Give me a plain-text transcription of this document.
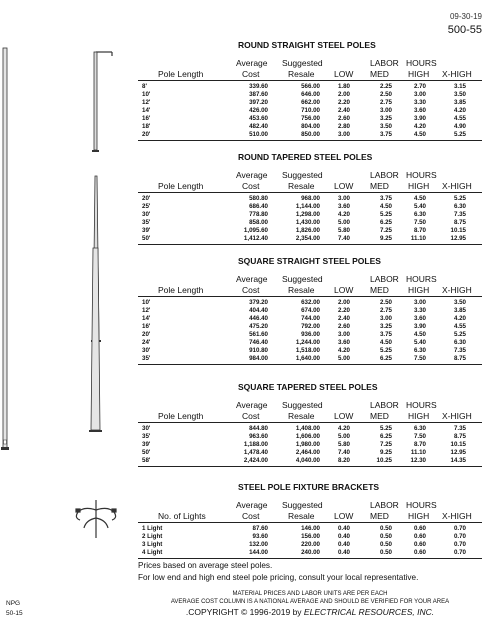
09-30-19
500-55
ROUND STRAIGHT STEEL POLES
Average Suggested	LABOR HOURS
Pole Length	Cost	Resale LOW MED HIGH X-HIGH
8'	339.60	566.00	1.80	2.25	2.70	3.15
10'	387.60	646.00	2.00	2.50	3.00	3.50
12'	397.20	662.00	2.20	2.75	3.30	3.85
14'	426.00	710.00	2.40	3.00	3.60	4.20
16'	453.60	756.00	2.60	3.25	3.90	4.55
18'	482.40	804.00	2.80	3.50	4.20	4.90
20'	510.00	850.00	3.00	3.75	4.50	5.25
ROUND TAPERED STEEL POLES
Average Suggested	LABOR HOURS
Pole Length	Cost	Resale LOW MED HIGH X-HIGH
20'	580.80	968.00	3.00	3.75	4.50	5.25
25'	686.40	1,144.00	3.60	4.50	5.40	6.30
30'	778.80	1,298.00	4.20	5.25	6.30	7.35
35'	858.00	1,430.00	5.00	6.25	7.50	8.75
39'	1,095.60	1,826.00	5.80	7.25	8.70	10.15
50'	1,412.40	2,354.00	7.40	9.25	11.10	12.95
SQUARE STRAIGHT STEEL POLES
Average Suggested	LABOR HOURS
Pole Length	Cost	Resale LOW MED HIGH X-HIGH
10'	379.20	632.00	2.00	2.50	3.00	3.50
12'	404.40	674.00	2.20	2.75	3.30	3.85
14'	446.40	744.00	2.40	3.00	3.60	4.20
16'	475.20	792.00	2.60	3.25	3.90	4.55
20'	561.60	936.00	3.00	3.75	4.50	5.25
24'	746.40	1,244.00	3.60	4.50	5.40	6.30
30'	910.80	1,518.00	4.20	5.25	6.30	7.35
35'	984.00	1,640.00	5.00	6.25	7.50	8.75
SQUARE TAPERED STEEL POLES
Average Suggested	LABOR HOURS
Pole Length	Cost	Resale LOW MED HIGH X-HIGH
30'	844.80	1,408.00	4.20	5.25	6.30	7.35
35'	963.60	1,606.00	5.00	6.25	7.50	8.75
39'	1,188.00	1,980.00	5.80	7.25	8.70	10.15
50'	1,478.40	2,464.00	7.40	9.25	11.10	12.95
58'	2,424.00	4,040.00	8.20	10.25	12.30	14.35
STEEL POLE FIXTURE BRACKETS
Average Suggested	LABOR HOURS
No. of Lights	Cost	Resale LOW MED HIGH X-HIGH
1 Light	87.60	146.00	0.40	0.50	0.60	0.70
2 Light	93.60	156.00	0.40	0.50	0.60	0.70
3 Light	132.00	220.00	0.40	0.50	0.60	0.70
4 Light	144.00	240.00	0.40	0.50	0.60	0.70
Prices based on average steel poles.
For low end and high end steel pole pricing, consult your local representative.
MATERIAL PRICES AND LABOR UNITS ARE PER EACH
AVERAGE COST COLUMN IS A NATIONAL AVERAGE AND SHOULD BE VERIFIED FOR YOUR AREA
.COPYRIGHT © 1996-2019 by ELECTRICAL RESOURCES, INC.
NPG
50-15
